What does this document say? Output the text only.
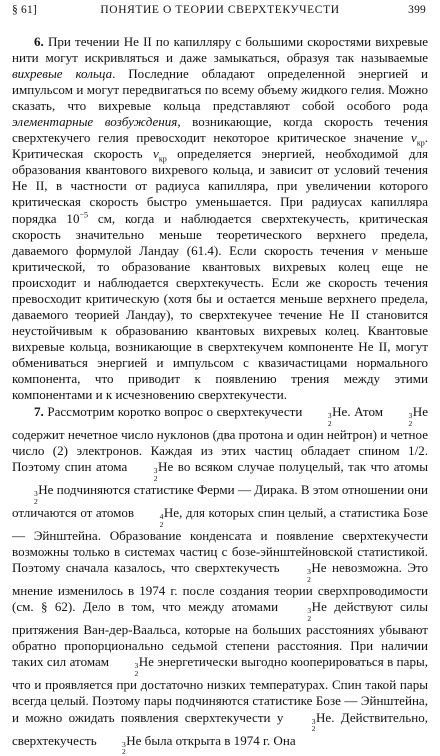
§ 61]	ПОНЯТИЕ О ТЕОРИИ СВЕРХТЕКУЧЕСТИ	399

6. При течении He II по капилляру с большими скоростями вихревые нити могут искривляться и даже замыкаться, образуя так называемые вихревые кольца. Последние обладают определенной энергией и импульсом и могут передвигаться по всему объему жидкого гелия. Можно сказать, что вихревые кольца представляют собой особого рода элементарные возбуждения, возникающие, когда скорость течения сверхтекучего гелия превосходит некоторое критическое значение $v_{кр}$. Критическая скорость $v_{кр}$ определяется энергией, необходимой для образования квантового вихревого кольца, и зависит от условий течения He II, в частности от радиуса капилляра, при увеличении которого критическая скорость быстро уменьшается. При радиусах капилляра порядка $10^{-5}$ см, когда и наблюдается сверхтекучесть, критическая скорость значительно меньше теоретического верхнего предела, даваемого формулой Ландау (61.4). Если скорость течения v меньше критической, то образование квантовых вихревых колец еще не происходит и наблюдается сверхтекучесть. Если же скорость течения превосходит критическую (хотя бы и остается меньше верхнего предела, даваемого теорией Ландау), то сверхтекучее течение He II становится неустойчивым к образованию квантовых вихревых колец. Квантовые вихревые кольца, возникающие в сверхтекучем компоненте He II, могут обмениваться энергией и импульсом с квазичастицами нормального компонента, что приводит к появлению трения между этими компонентами и к исчезновению сверхтекучести.

7. Рассмотрим коротко вопрос о сверхтекучести	3
2
He. Атом	3
2
He содержит нечетное число нуклонов (два протона и один нейтрон) и четное число (2) электронов. Каждая из этих частиц обладает спином 1/2. Поэтому спин атома	3
2
He во всяком случае полуцелый, так что атомы
3
2
He подчиняются статистике Ферми — Дирака. В этом отношении они отличаются от атомов	4
2
He, для которых спин целый, а статистика Бозе — Эйнштейна. Образование конденсата и появление сверхтекучести возможны только в системах частиц с бозе-эйнштейновской статистикой. Поэтому сначала казалось, что сверхтекучесть	3
2
He невозможна. Это мнение изменилось в 1974 г. после создания теории сверхпроводимости (см. § 62). Дело в том, что между атомами	3
2
He действуют силы притяжения Ван-дер-Ваальса, которые на больших расстояниях убывают обратно пропорционально седьмой степени расстояния. При наличии таких сил атомам	3
2
He энергетически выгодно кооперироваться в пары, что и проявляется при достаточно низких температурах. Спин такой пары всегда целый. Поэтому пары подчиняются статистике Бозе — Эйнштейна, и можно ожидать появления сверхтекучести у	3
2
He. Действительно, сверхтекучесть	3
2
He была открыта в 1974 г. Она
